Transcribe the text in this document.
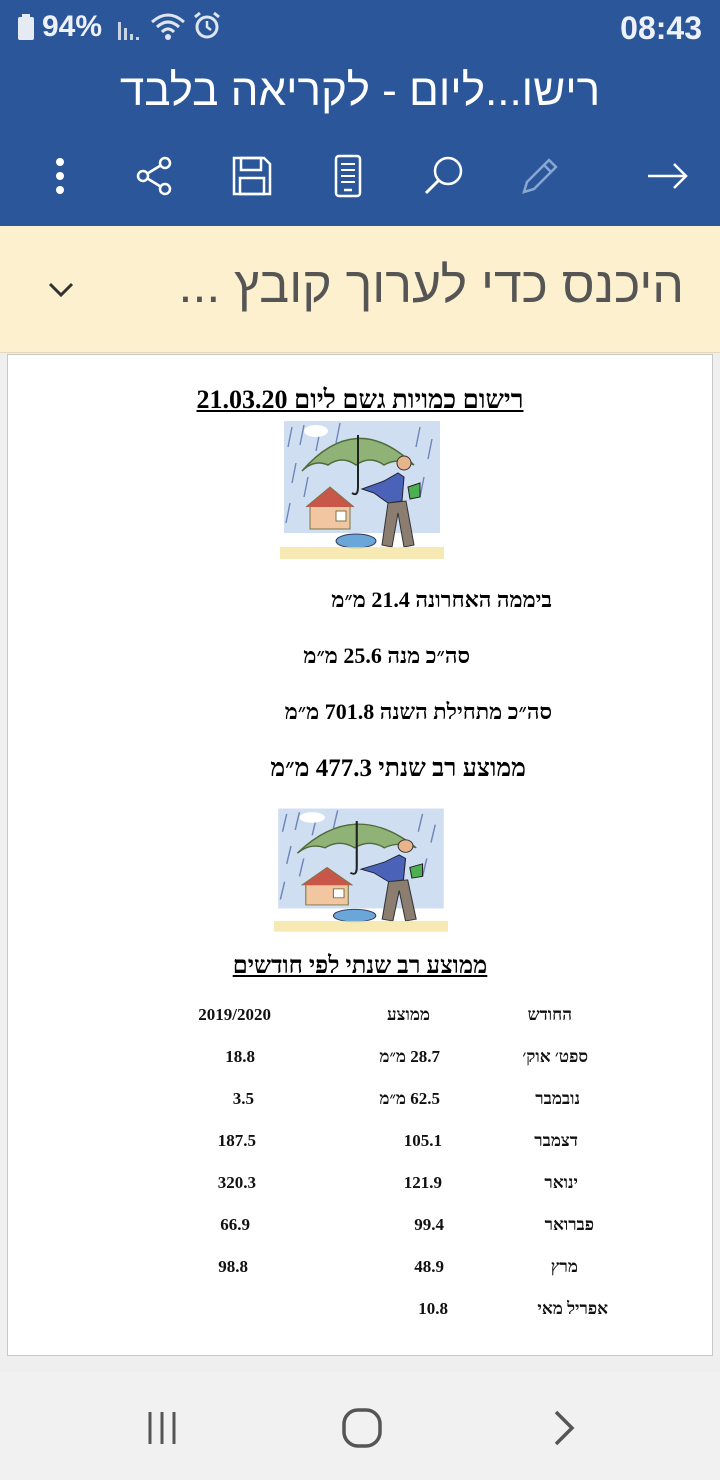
94%	08:43
רישו...ליום - לקריאה בלבד
היכנס כדי לערוך קובץ ...
רישום כמויות גשם ליום 21.03.20
ביממה האחרונה 21.4 מ״מ
סה״כ מנה 25.6 מ״מ
סה״כ מתחילת השנה 701.8 מ״מ
ממוצע רב שנתי 477.3 מ״מ
ממוצע רב שנתי לפי חודשים
החודש
ממוצע
2019/2020
ספט׳ אוק׳
28.7 מ״מ
18.8
נובמבר
62.5 מ״מ
3.5
דצמבר
105.1
187.5
ינואר
121.9
320.3
פברואר
99.4
66.9
מרץ
48.9
98.8
אפריל מאי
10.8
